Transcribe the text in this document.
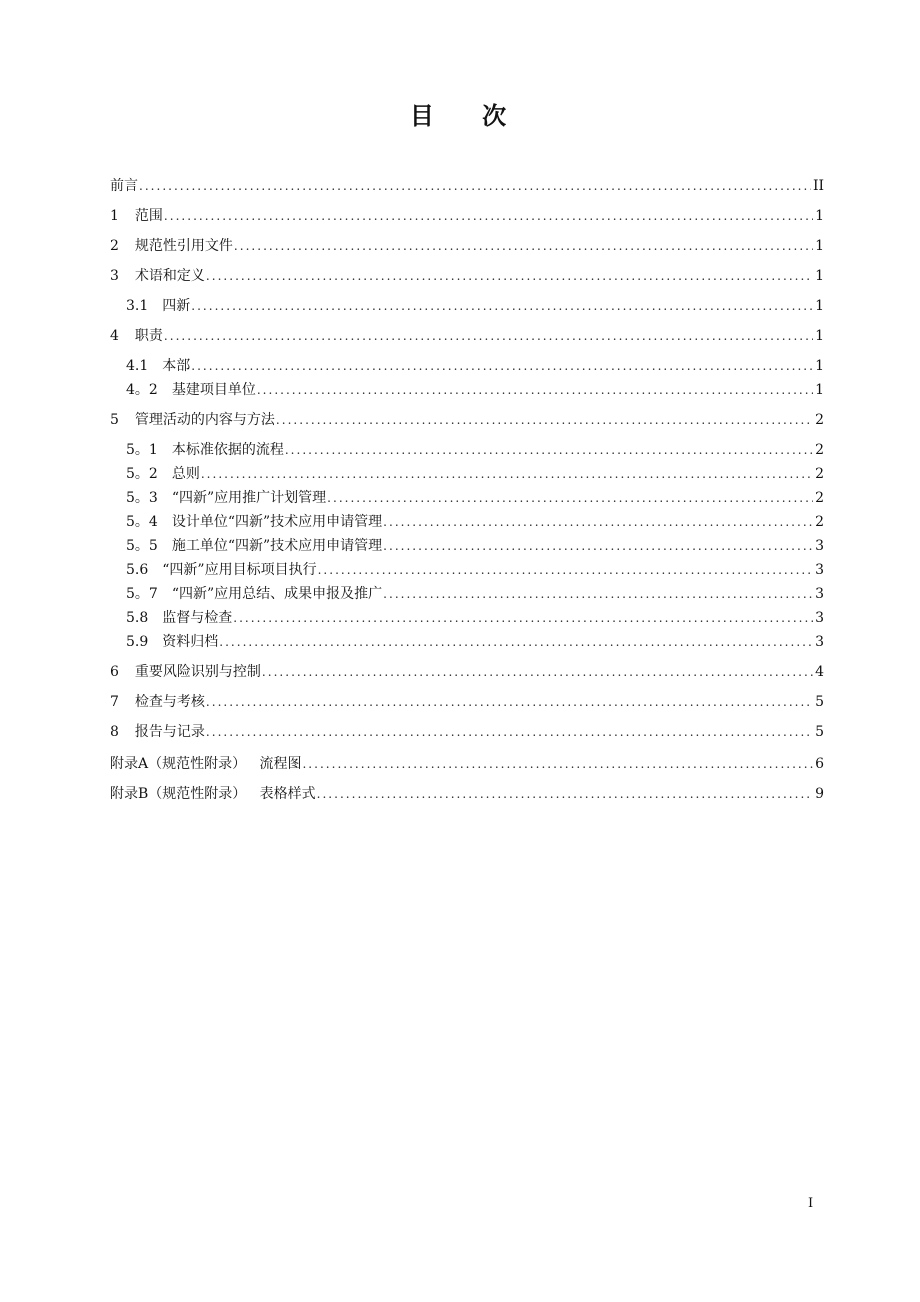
目 次
前言 . . .	II
1 范围 . . .	1
2 规范性引用文件 . . .	1
3 术语和定义 . . .	1
3.1 四新 . . .	1
4 职责 . . .	1
4.1 本部 . . .	1
4。2 基建项目单位 . . .	1
5 管理活动的内容与方法 . . .	2
5。1 本标准依据的流程 . . .	2
5。2 总则 . . .	2
5。3 “四新”应用推广计划管理 . . .	2
5。4 设计单位“四新”技术应用申请管理 . . .	2
5。5 施工单位“四新”技术应用申请管理 . . .	3
5.6 “四新”应用目标项目执行 . . .	3
5。7 “四新”应用总结、成果申报及推广 . . .	3
5.8 监督与检查 . . .	3
5.9 资料归档 . . .	3
6 重要风险识别与控制 . . .	4
7 检查与考核 . . .	5
8 报告与记录 . . .	5
附录A（规范性附录）   流程图 . . .	6
附录B（规范性附录）   表格样式 . . .	9
I
